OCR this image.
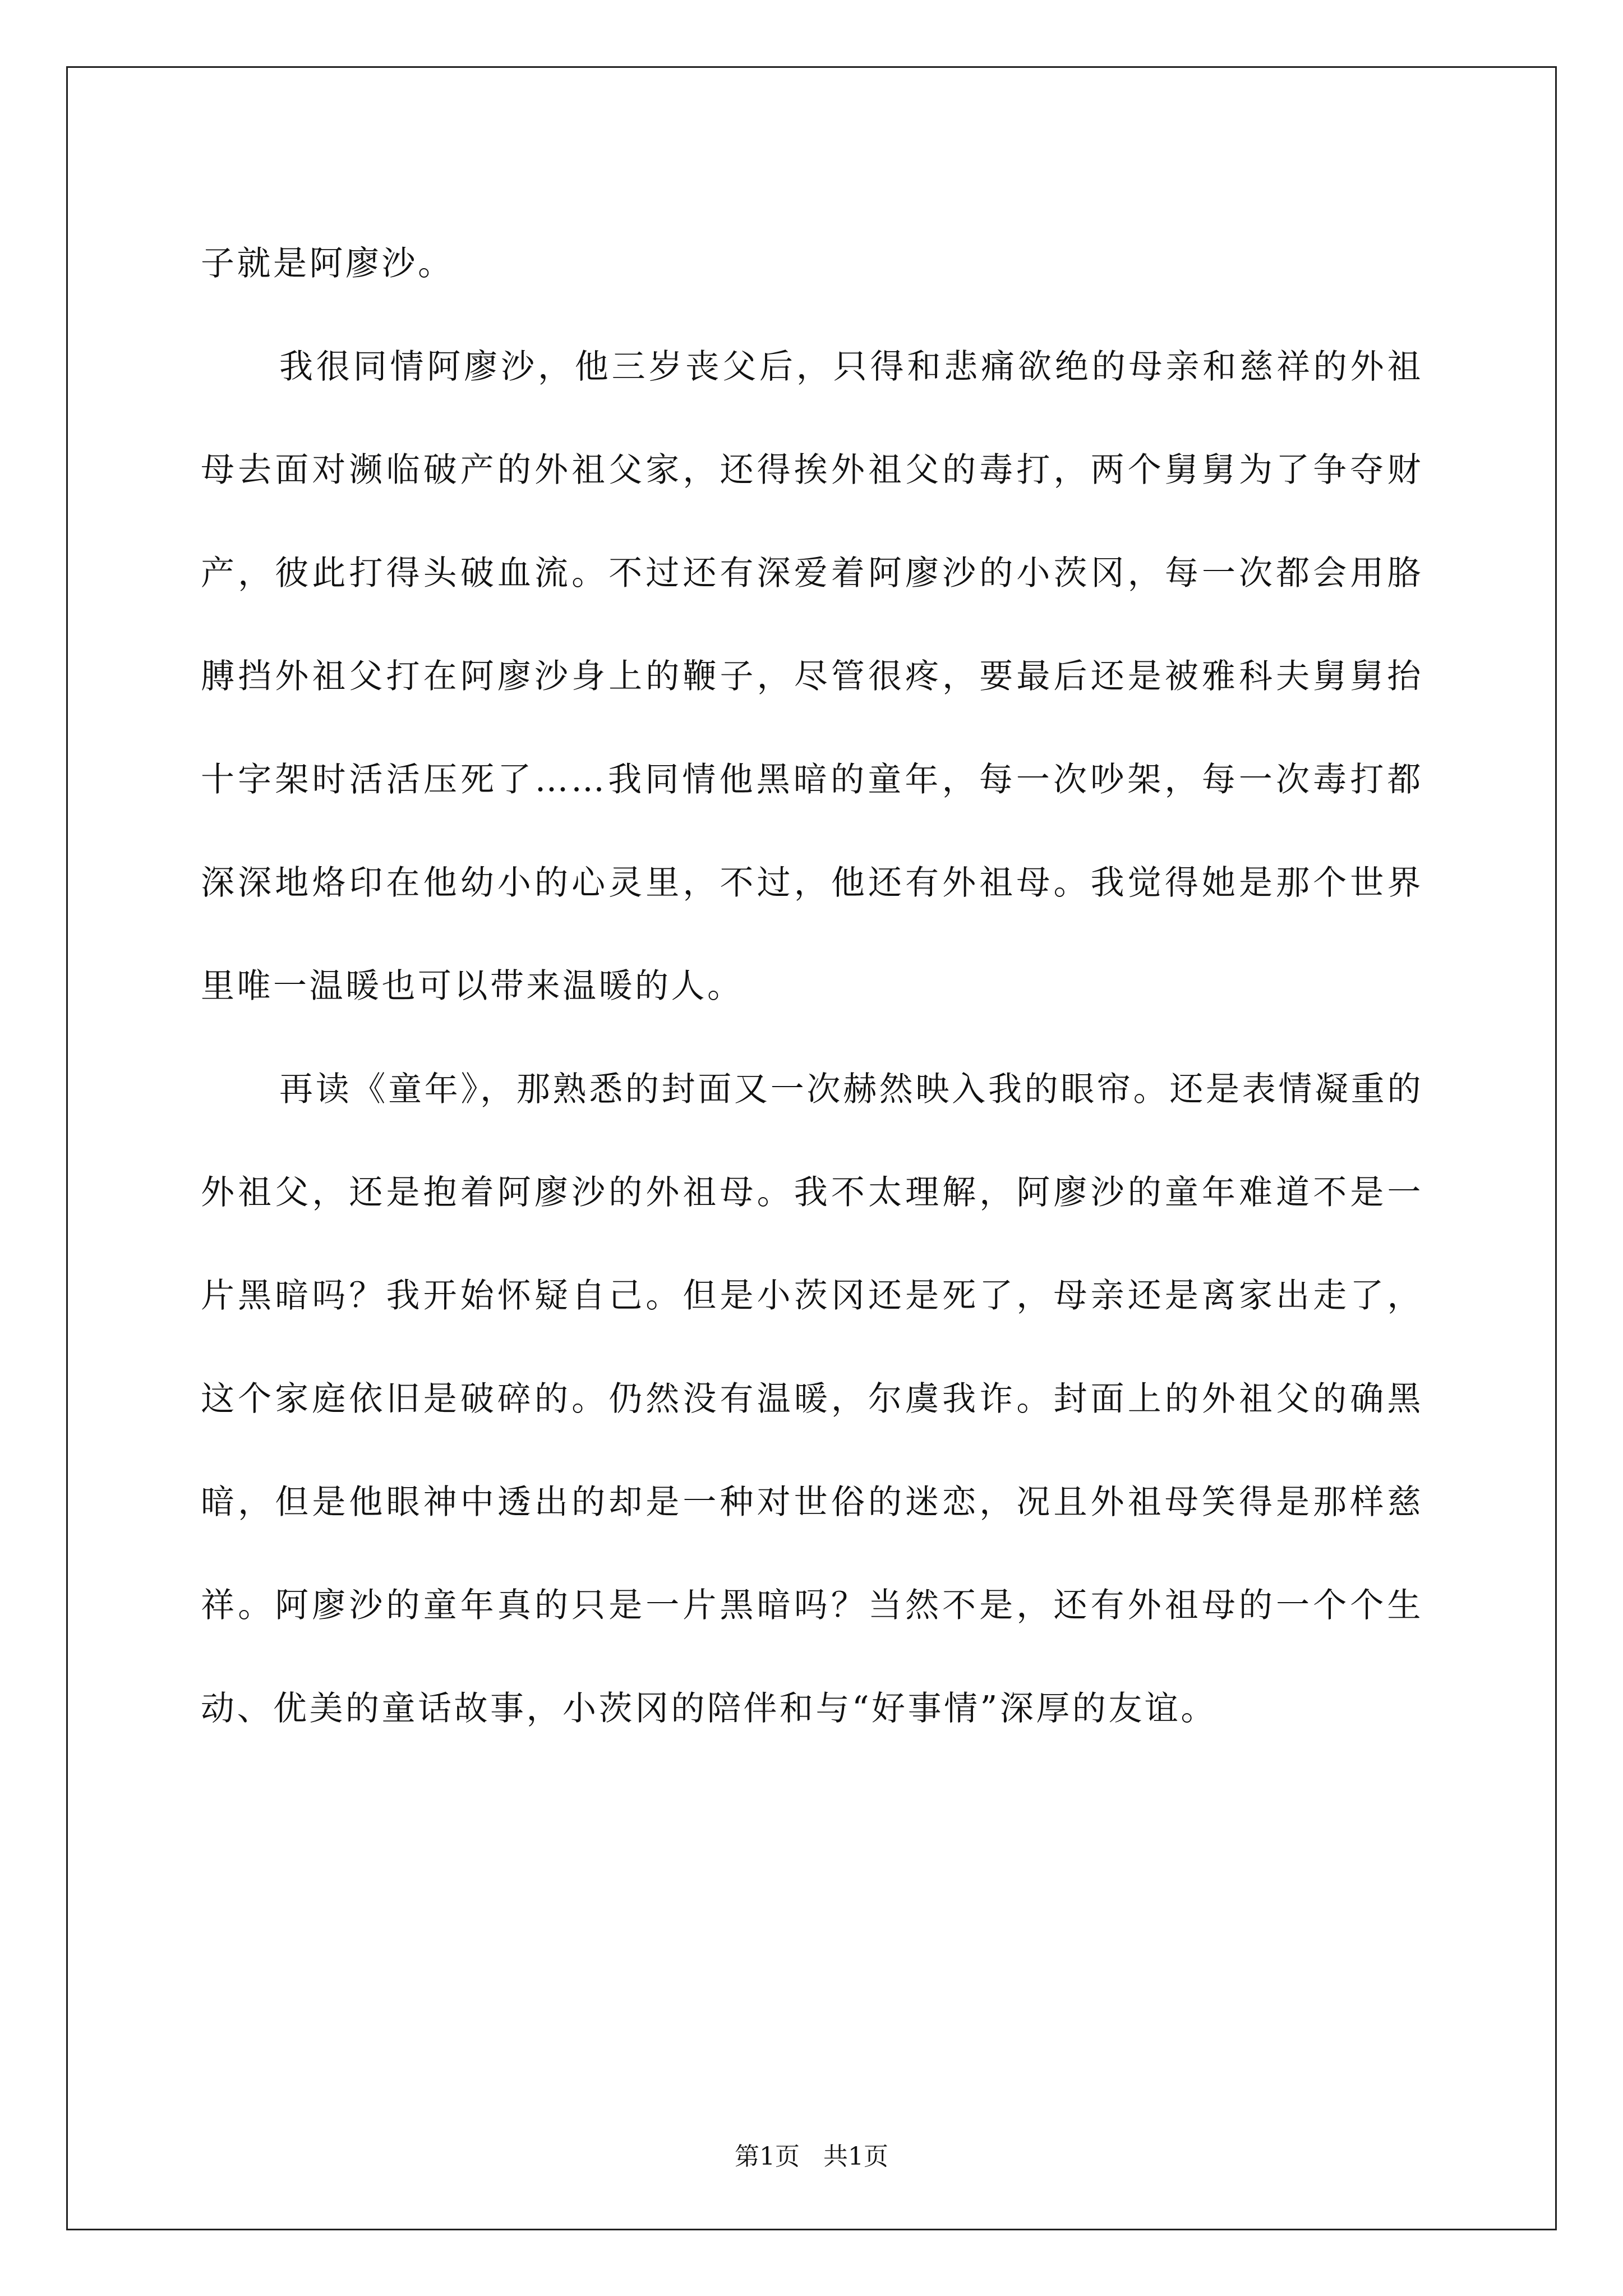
子就是阿廖沙。

我很同情阿廖沙，他三岁丧父后，只得和悲痛欲绝的母亲和慈祥的外祖母去面对濒临破产的外祖父家，还得挨外祖父的毒打，两个舅舅为了争夺财产，彼此打得头破血流。不过还有深爱着阿廖沙的小茨冈，每一次都会用胳膊挡外祖父打在阿廖沙身上的鞭子，尽管很疼，要最后还是被雅科夫舅舅抬十字架时活活压死了……我同情他黑暗的童年，每一次吵架，每一次毒打都深深地烙印在他幼小的心灵里，不过，他还有外祖母。我觉得她是那个世界里唯一温暖也可以带来温暖的人。

再读《童年》，那熟悉的封面又一次赫然映入我的眼帘。还是表情凝重的外祖父，还是抱着阿廖沙的外祖母。我不太理解，阿廖沙的童年难道不是一片黑暗吗？我开始怀疑自己。但是小茨冈还是死了，母亲还是离家出走了，这个家庭依旧是破碎的。仍然没有温暖，尔虞我诈。封面上的外祖父的确黑暗，但是他眼神中透出的却是一种对世俗的迷恋，况且外祖母笑得是那样慈祥。阿廖沙的童年真的只是一片黑暗吗？当然不是，还有外祖母的一个个生动、优美的童话故事，小茨冈的陪伴和与“好事情”深厚的友谊。

第1页 共1页
